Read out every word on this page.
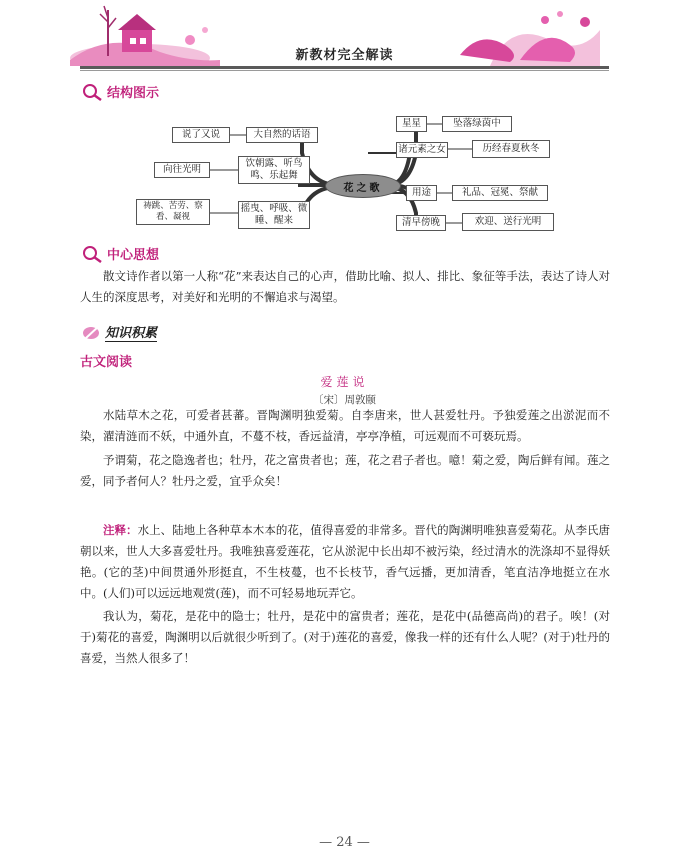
新教材完全解读
结构图示
说了又说	大自然的话语
向往光明
饮朝露、听鸟鸣、乐起舞
祷跳、苦劳、察看、凝视
摇曳、呼吸、微睡、醒来
花之歌
星星	坠落绿茵中
诸元素之女	历经春夏秋冬
用途	礼品、冠冕、祭献
清早傍晚	欢迎、送行光明
中心思想

散文诗作者以第一人称“花”来表达自己的心声，借助比喻、拟人、排比、象征等手法，表达了诗人对人生的深度思考，对美好和光明的不懈追求与渴望。

知识积累
古文阅读
爱莲说
〔宋〕周敦颐

水陆草木之花，可爱者甚蕃。晋陶渊明独爱菊。自李唐来，世人甚爱牡丹。予独爱莲之出淤泥而不染，濯清涟而不妖，中通外直，不蔓不枝，香远益清，亭亭净植，可远观而不可亵玩焉。

予谓菊，花之隐逸者也；牡丹，花之富贵者也；莲，花之君子者也。噫！菊之爱，陶后鲜有闻。莲之爱，同予者何人？牡丹之爱，宜乎众矣！

注释：水上、陆地上各种草本木本的花，值得喜爱的非常多。晋代的陶渊明唯独喜爱菊花。从李氏唐朝以来，世人大多喜爱牡丹。我唯独喜爱莲花，它从淤泥中长出却不被污染，经过清水的洗涤却不显得妖艳。(它的茎)中间贯通外形挺直，不生枝蔓，也不长枝节，香气远播，更加清香，笔直洁净地挺立在水中。(人们)可以远远地观赏(莲)，而不可轻易地玩弄它。

我认为，菊花，是花中的隐士；牡丹，是花中的富贵者；莲花，是花中(品德高尚)的君子。唉！(对于)菊花的喜爱，陶渊明以后就很少听到了。(对于)莲花的喜爱，像我一样的还有什么人呢？(对于)牡丹的喜爱，当然人很多了！

— 24 —
